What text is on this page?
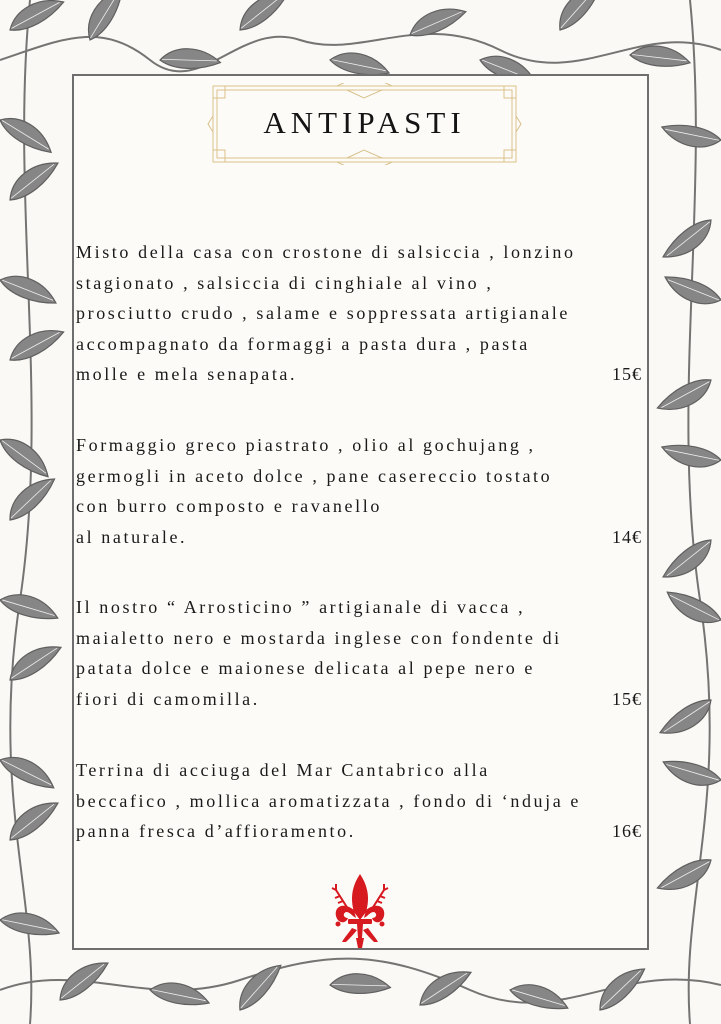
ANTIPASTI
Misto della casa con crostone di salsiccia , lonzino
stagionato , salsiccia di cinghiale al vino ,
prosciutto crudo , salame e soppressata artigianale
accompagnato da formaggi a pasta dura , pasta
molle e mela senapata.	15€
Formaggio greco piastrato , olio al gochujang ,
germogli in aceto dolce , pane casereccio tostato
con burro composto e ravanello
al naturale.	14€
Il nostro “ Arrosticino ” artigianale di vacca ,
maialetto nero e mostarda inglese con fondente di
patata dolce e maionese delicata al pepe nero e
fiori di camomilla.	15€
Terrina di acciuga del Mar Cantabrico alla
beccafico , mollica aromatizzata , fondo di ‘nduja e
panna fresca d’affioramento.	16€
